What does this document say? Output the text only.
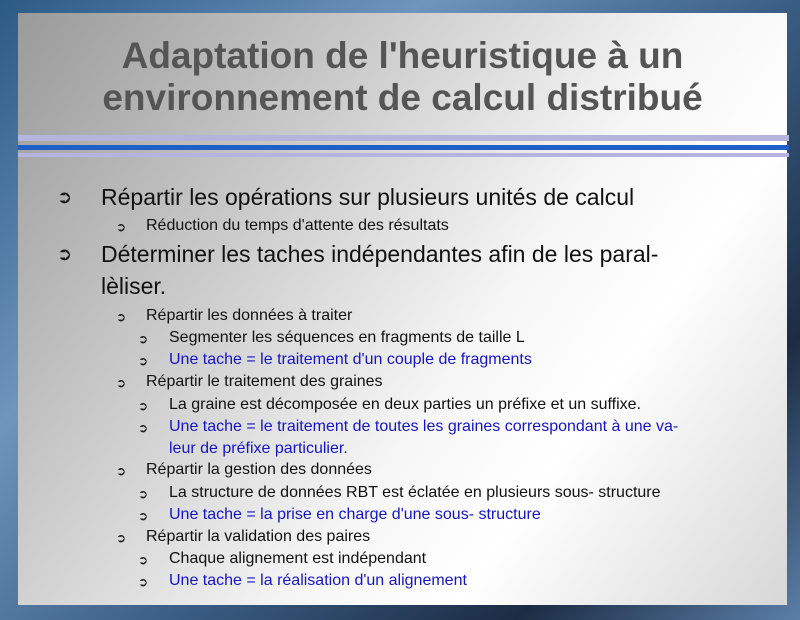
Adaptation de l'heuristique à un
environnement de calcul distribué
➲ Répartir les opérations sur plusieurs unités de calcul
➲ Réduction du temps d'attente des résultats
➲ Déterminer les taches indépendantes afin de les paral-
lèliser.
➲ Répartir les données à traiter
➲ Segmenter les séquences en fragments de taille L
➲ Une tache = le traitement d'un couple de fragments
➲ Répartir le traitement des graines
➲ La graine est décomposée en deux parties un préfixe et un suffixe.
➲ Une tache = le traitement de toutes les graines correspondant à une va-
leur de préfixe particulier.
➲ Répartir la gestion des données
➲ La structure de données RBT est éclatée en plusieurs sous- structure
➲ Une tache = la prise en charge d'une sous- structure
➲ Répartir la validation des paires
➲ Chaque alignement est indépendant
➲ Une tache = la réalisation d'un alignement
